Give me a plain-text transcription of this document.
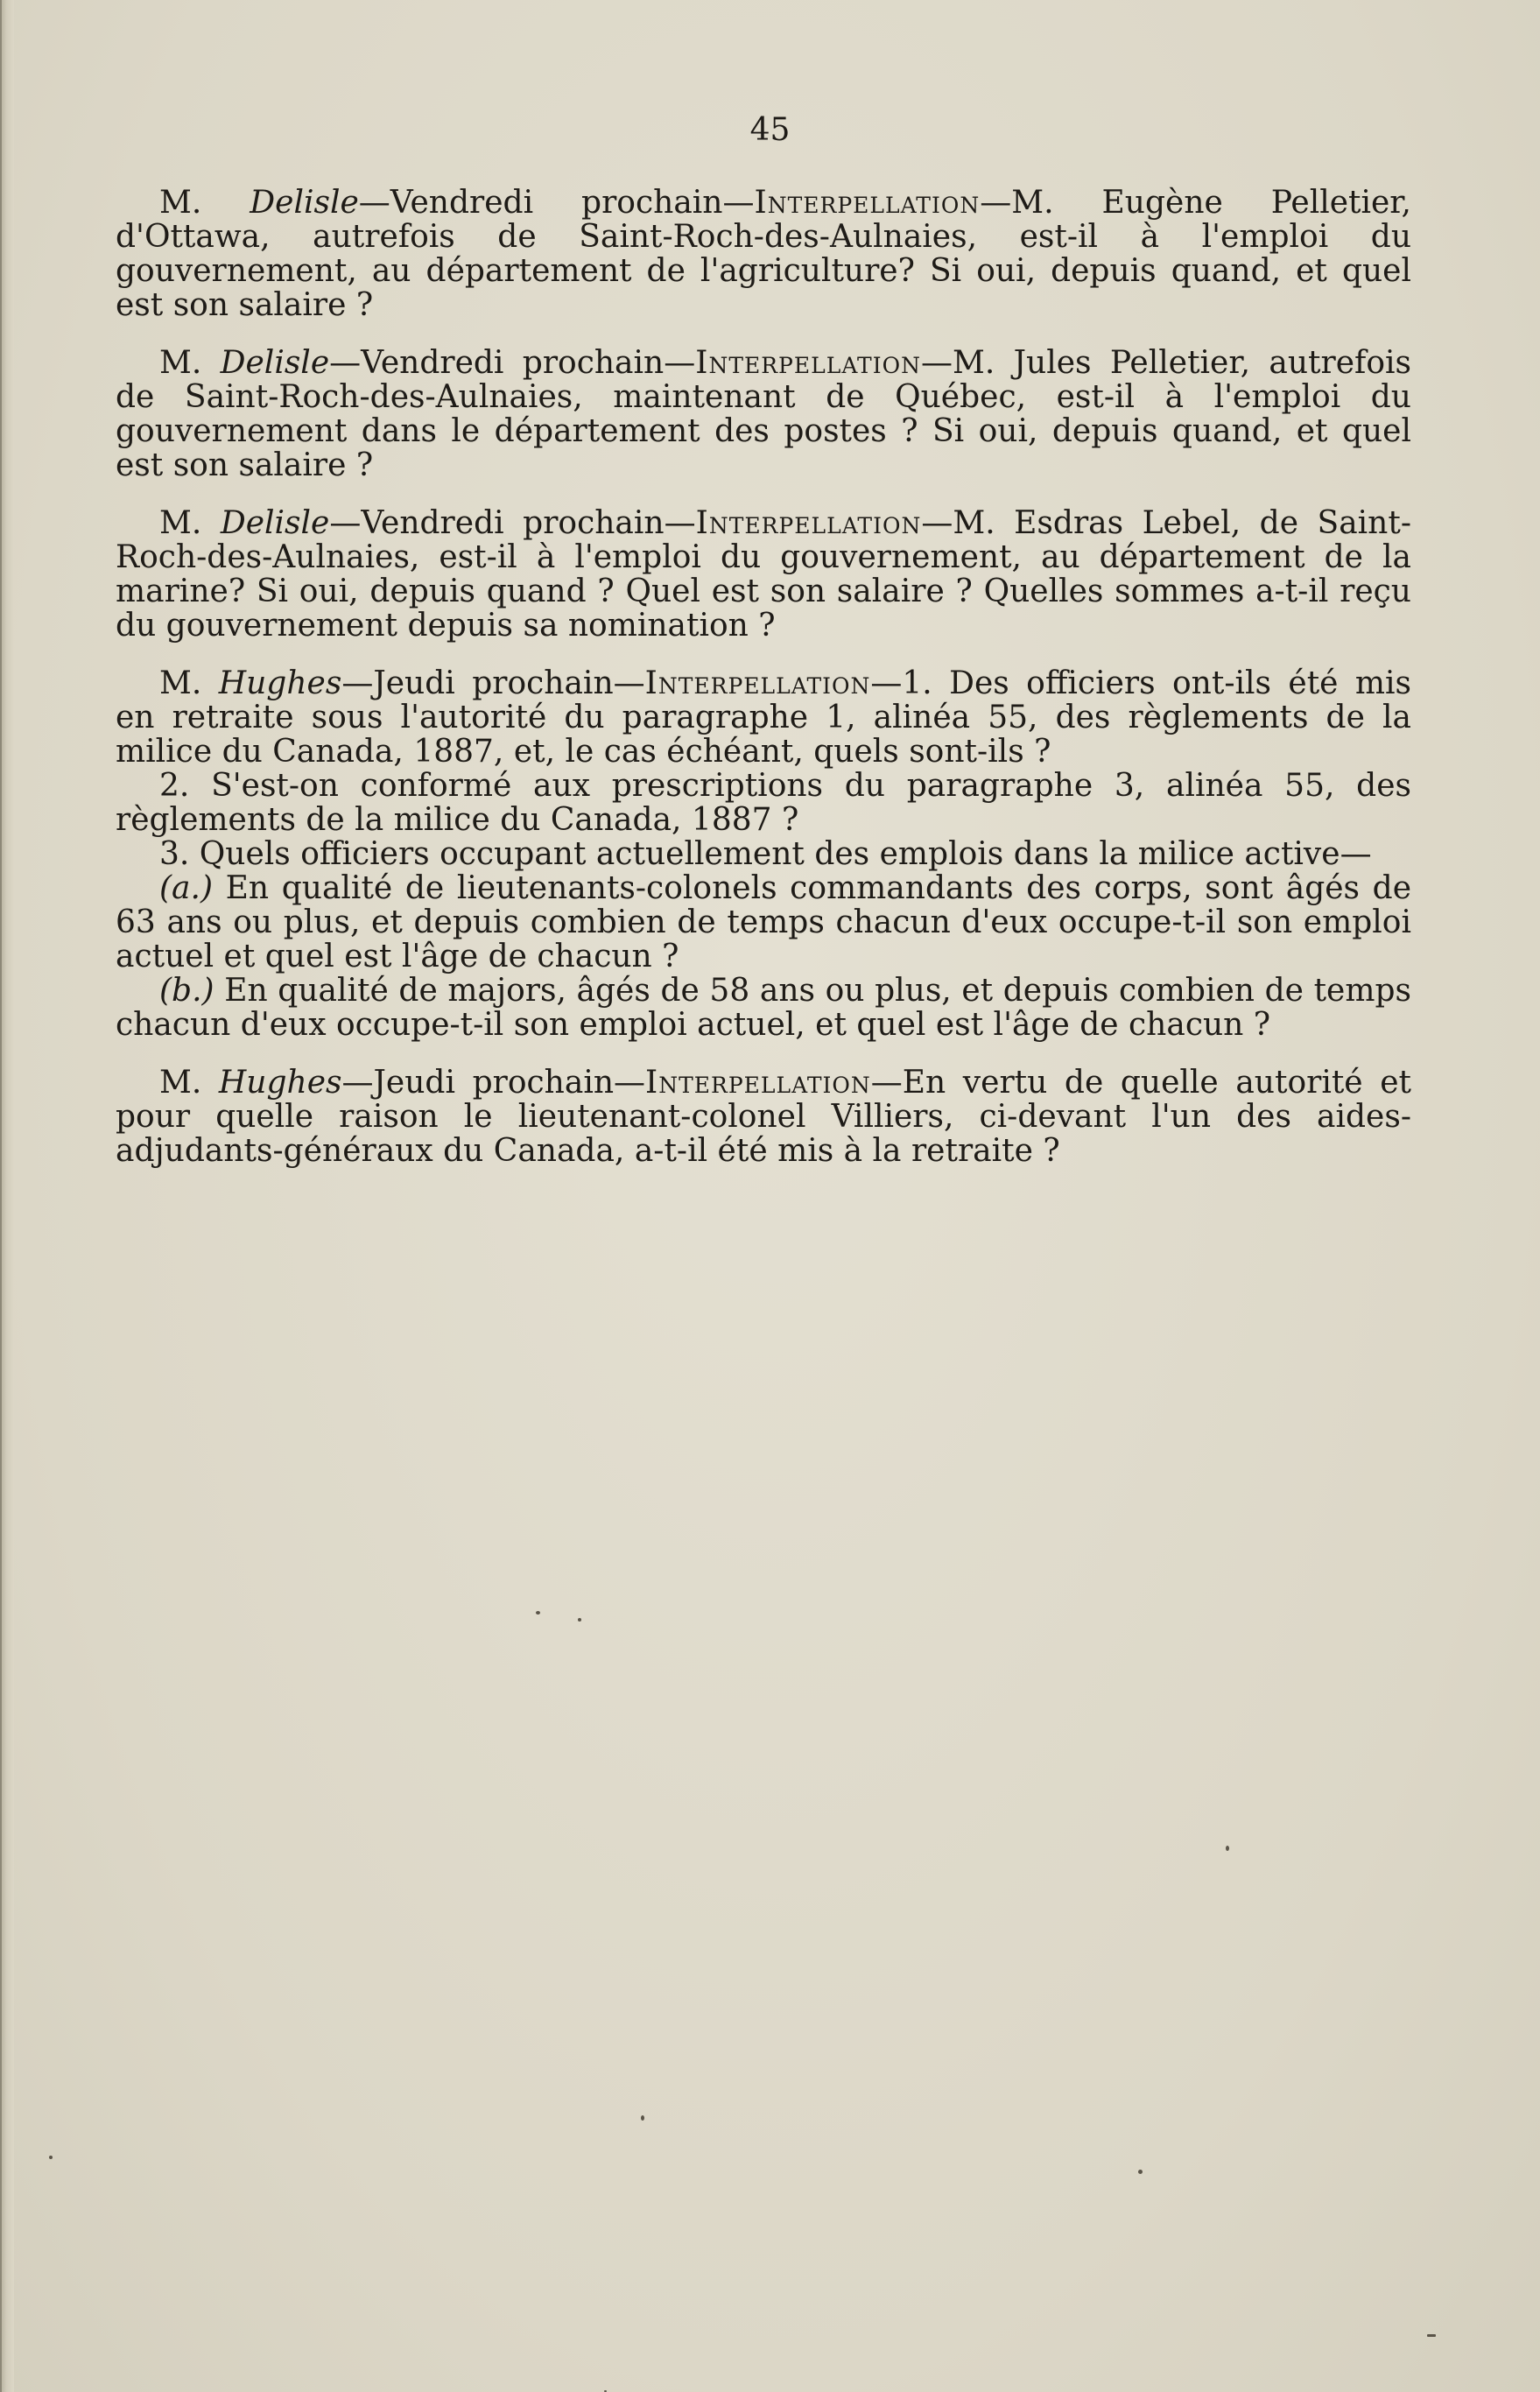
45

M. Delisle—Vendredi prochain—Interpellation—M. Eugène Pelletier, d'Ottawa, autrefois de Saint-Roch-des-Aulnaies, est-il à l'emploi du gouvernement, au département de l'agriculture? Si oui, depuis quand, et quel est son salaire ?

M. Delisle—Vendredi prochain—Interpellation—M. Jules Pelletier, autrefois de Saint-Roch-des-Aulnaies, maintenant de Québec, est-il à l'emploi du gouvernement dans le département des postes ? Si oui, depuis quand, et quel est son salaire ?

M. Delisle—Vendredi prochain—Interpellation—M. Esdras Lebel, de Saint-Roch-des-Aulnaies, est-il à l'emploi du gouvernement, au département de la marine? Si oui, depuis quand ? Quel est son salaire ? Quelles sommes a-t-il reçu du gouvernement depuis sa nomination ?

M. Hughes—Jeudi prochain—Interpellation—1. Des officiers ont-ils été mis en retraite sous l'autorité du paragraphe 1, alinéa 55, des règlements de la milice du Canada, 1887, et, le cas échéant, quels sont-ils ?

2. S'est-on conformé aux prescriptions du paragraphe 3, alinéa 55, des règlements de la milice du Canada, 1887 ?

3. Quels officiers occupant actuellement des emplois dans la milice active—

(a.) En qualité de lieutenants-colonels commandants des corps, sont âgés de 63 ans ou plus, et depuis combien de temps chacun d'eux occupe-t-il son emploi actuel et quel est l'âge de chacun ?

(b.) En qualité de majors, âgés de 58 ans ou plus, et depuis combien de temps chacun d'eux occupe-t-il son emploi actuel, et quel est l'âge de chacun ?

M. Hughes—Jeudi prochain—Interpellation—En vertu de quelle autorité et pour quelle raison le lieutenant-colonel Villiers, ci-devant l'un des aides-adjudants-généraux du Canada, a-t-il été mis à la retraite ?
